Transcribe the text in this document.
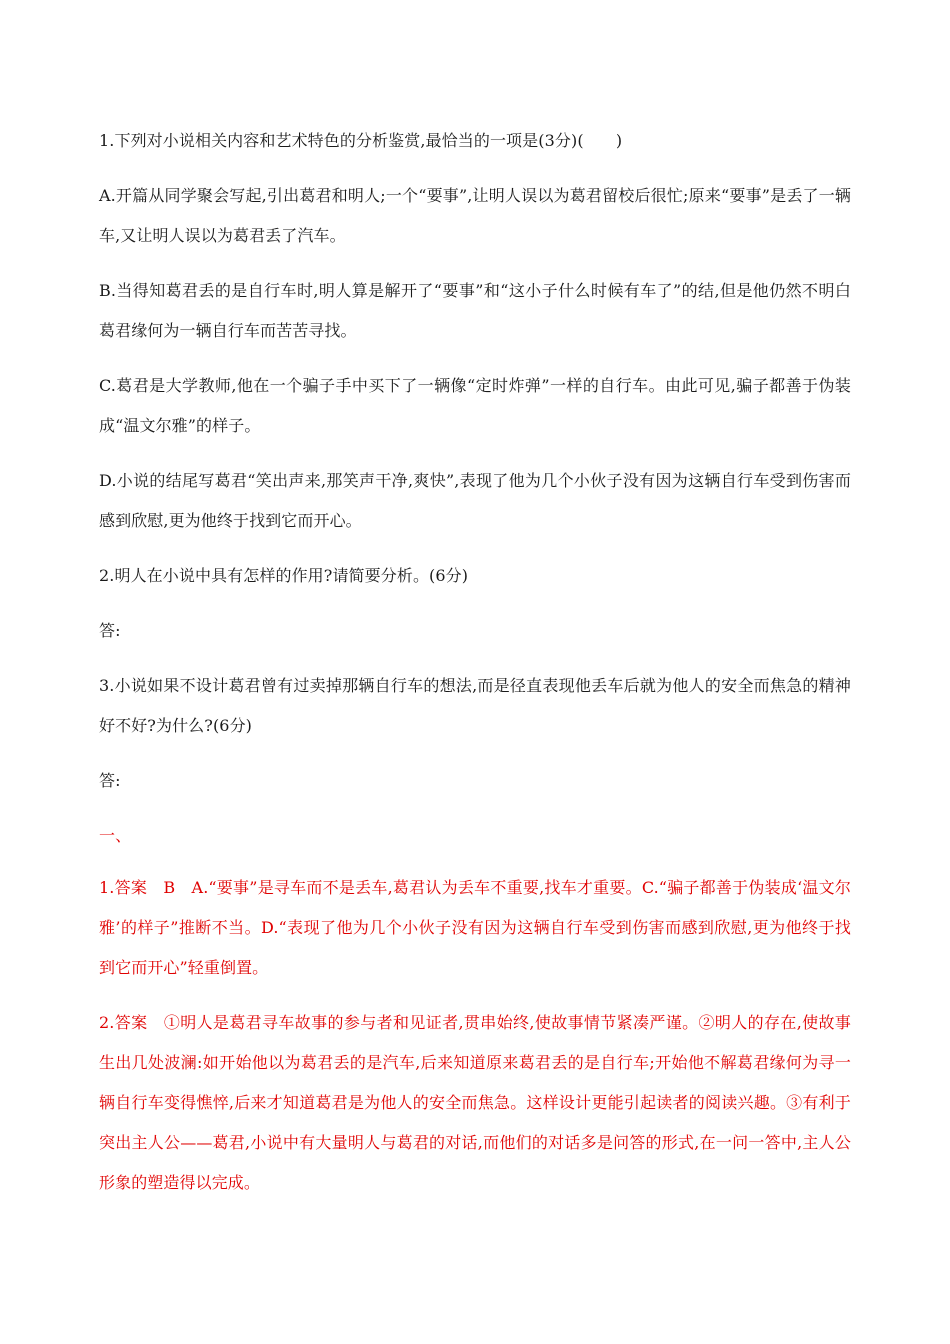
1.下列对小说相关内容和艺术特色的分析鉴赏,最恰当的一项是(3分)(　　)

A.开篇从同学聚会写起,引出葛君和明人;一个“要事”,让明人误以为葛君留校后很忙;原来“要事”是丢了一辆车,又让明人误以为葛君丢了汽车。

B.当得知葛君丢的是自行车时,明人算是解开了“要事”和“这小子什么时候有车了”的结,但是他仍然不明白葛君缘何为一辆自行车而苦苦寻找。

C.葛君是大学教师,他在一个骗子手中买下了一辆像“定时炸弹”一样的自行车。由此可见,骗子都善于伪装成“温文尔雅”的样子。

D.小说的结尾写葛君“笑出声来,那笑声干净,爽快”,表现了他为几个小伙子没有因为这辆自行车受到伤害而感到欣慰,更为他终于找到它而开心。

2.明人在小说中具有怎样的作用?请简要分析。(6分)

答:

3.小说如果不设计葛君曾有过卖掉那辆自行车的想法,而是径直表现他丢车后就为他人的安全而焦急的精神好不好?为什么?(6分)

答:

一、

1.答案　B　A.“要事”是寻车而不是丢车,葛君认为丢车不重要,找车才重要。C.“骗子都善于伪装成‘温文尔雅’的样子”推断不当。D.“表现了他为几个小伙子没有因为这辆自行车受到伤害而感到欣慰,更为他终于找到它而开心”轻重倒置。

2.答案　①明人是葛君寻车故事的参与者和见证者,贯串始终,使故事情节紧凑严谨。②明人的存在,使故事生出几处波澜:如开始他以为葛君丢的是汽车,后来知道原来葛君丢的是自行车;开始他不解葛君缘何为寻一辆自行车变得憔悴,后来才知道葛君是为他人的安全而焦急。这样设计更能引起读者的阅读兴趣。③有利于突出主人公——葛君,小说中有大量明人与葛君的对话,而他们的对话多是问答的形式,在一问一答中,主人公形象的塑造得以完成。
